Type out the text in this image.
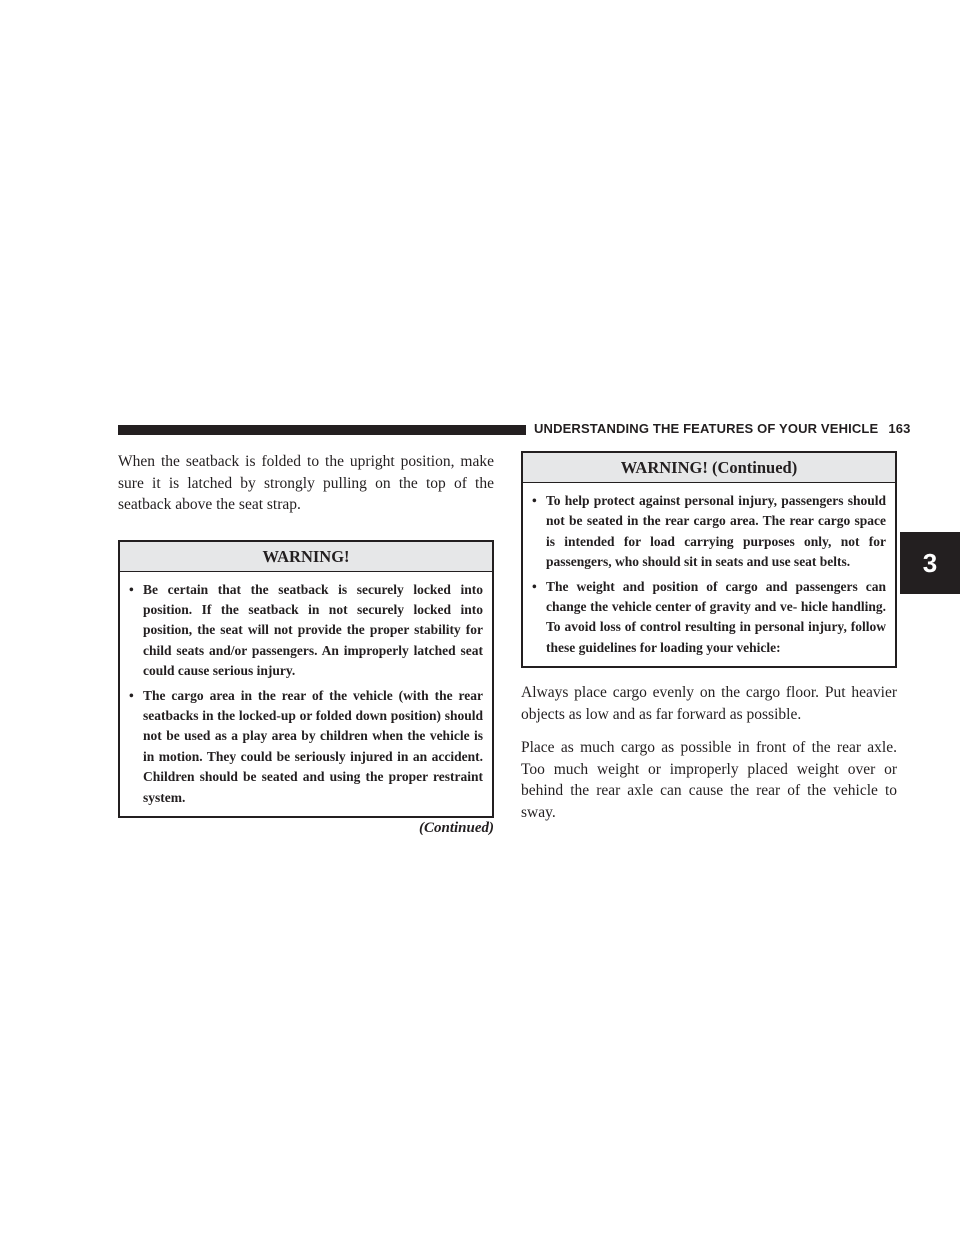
UNDERSTANDING THE FEATURES OF YOUR VEHICLE 163
3

When the seatback is folded to the upright position, make sure it is latched by strongly pulling on the top of the seatback above the seat strap.

WARNING!
• Be certain that the seatback is securely locked into position. If the seatback in not securely locked into position, the seat will not provide the proper stability for child seats and/or passengers. An improperly latched seat could cause serious injury.
• The cargo area in the rear of the vehicle (with the rear seatbacks in the locked-up or folded down position) should not be used as a play area by children when the vehicle is in motion. They could be seriously injured in an accident. Children should be seated and using the proper restraint system.
(Continued)
WARNING! (Continued)
• To help protect against personal injury, passengers should not be seated in the rear cargo area. The rear cargo space is intended for load carrying purposes only, not for passengers, who should sit in seats and use seat belts.
• The weight and position of cargo and passengers can change the vehicle center of gravity and ve- hicle handling. To avoid loss of control resulting in personal injury, follow these guidelines for loading your vehicle:

Always place cargo evenly on the cargo floor. Put heavier objects as low and as far forward as possible.

Place as much cargo as possible in front of the rear axle. Too much weight or improperly placed weight over or behind the rear axle can cause the rear of the vehicle to sway.
